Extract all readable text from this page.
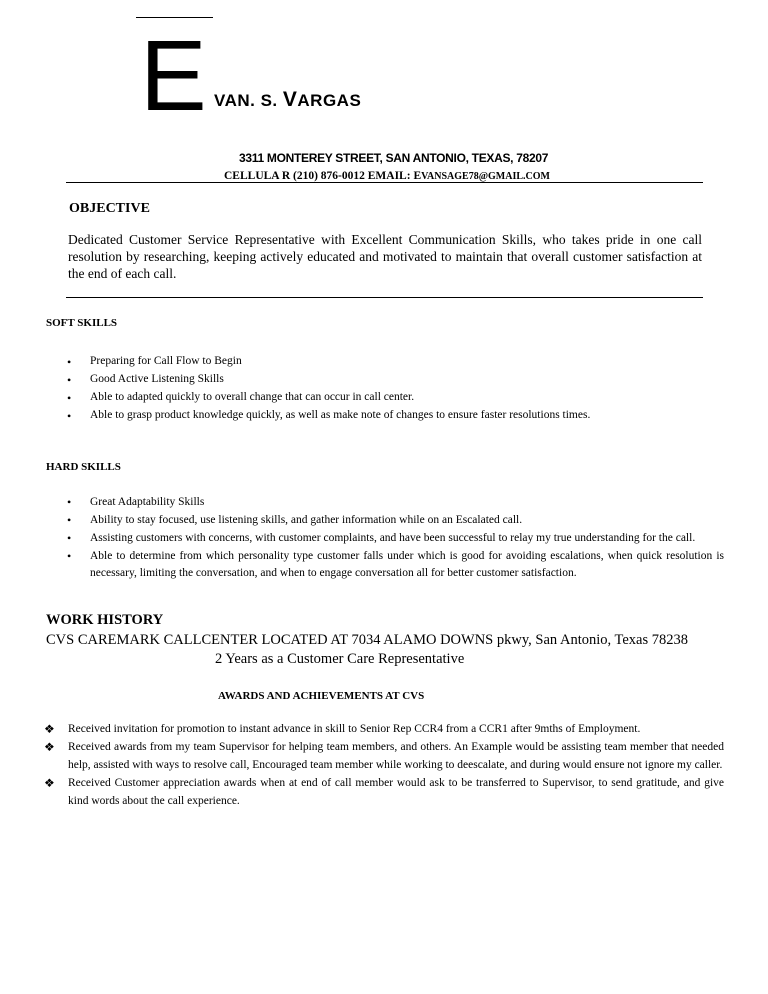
E VAN. S. VARGAS
3311 MONTEREY STREET, SAN ANTONIO, TEXAS, 78207
CELLULA R (210) 876-0012 EMAIL: EVANSAGE78@GMAIL.COM
OBJECTIVE
Dedicated Customer Service Representative with Excellent Communication Skills, who takes pride in one call resolution by researching, keeping actively educated and motivated to maintain that overall customer satisfaction at the end of each call.
SOFT SKILLS
• Preparing for Call Flow to Begin
• Good Active Listening Skills
• Able to adapted quickly to overall change that can occur in call center.
• Able to grasp product knowledge quickly, as well as make note of changes to ensure faster resolutions times.
HARD SKILLS
• Great Adaptability Skills
• Ability to stay focused, use listening skills, and gather information while on an Escalated call.
• Assisting customers with concerns, with customer complaints, and have been successful to relay my true understanding for the call.
• Able to determine from which personality type customer falls under which is good for avoiding escalations, when quick resolution is necessary, limiting the conversation, and when to engage conversation all for better customer satisfaction.
WORK HISTORY
CVS CAREMARK CALLCENTER LOCATED AT 7034 ALAMO DOWNS pkwy, San Antonio, Texas 78238
2 Years as a Customer Care Representative
AWARDS AND ACHIEVEMENTS AT CVS
❖ Received invitation for promotion to instant advance in skill to Senior Rep CCR4 from a CCR1 after 9mths of Employment.
❖ Received awards from my team Supervisor for helping team members, and others. An Example would be assisting team member that needed help, assisted with ways to resolve call, Encouraged team member while working to deescalate, and during would ensure not ignore my caller.
❖ Received Customer appreciation awards when at end of call member would ask to be transferred to Supervisor, to send gratitude, and give kind words about the call experience.
